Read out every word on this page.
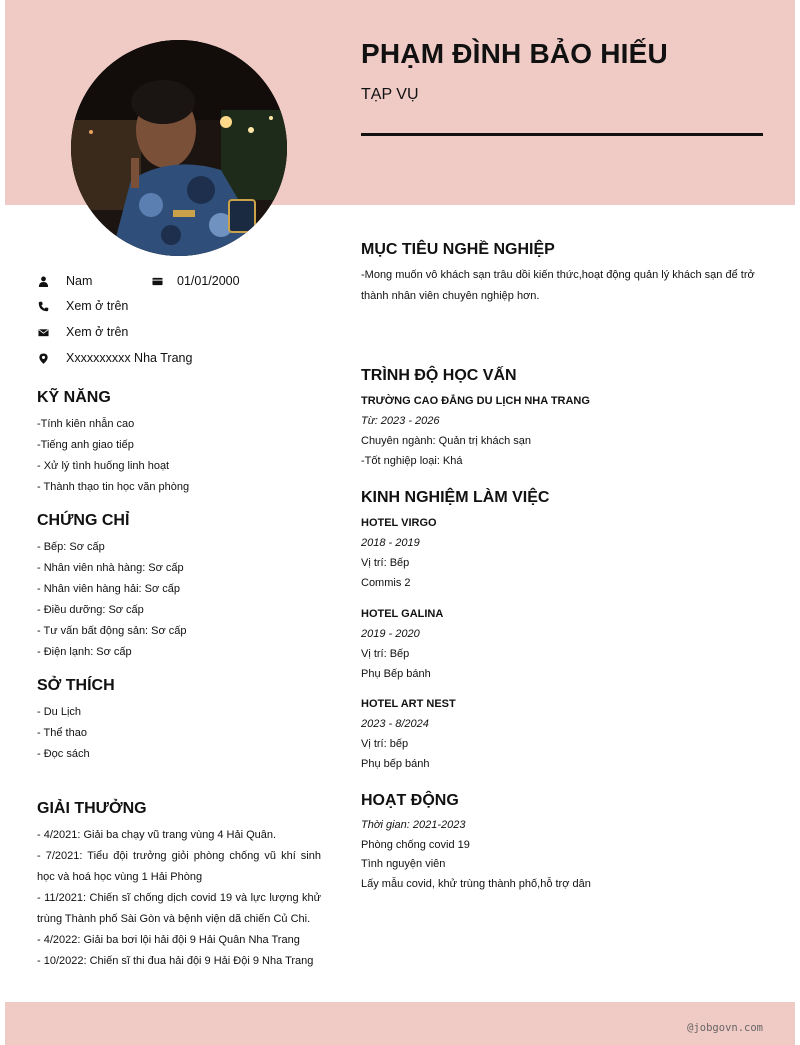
PHẠM ĐÌNH BẢO HIẾU
TẠP VỤ
Nam	01/01/2000
Xem ở trên
Xem ở trên
Xxxxxxxxxx Nha Trang
KỸ NĂNG
-Tính kiên nhẫn cao
-Tiếng anh giao tiếp
- Xử lý tình huống linh hoạt
- Thành thạo tin học văn phòng
CHỨNG CHỈ
- Bếp: Sơ cấp
- Nhân viên nhà hàng: Sơ cấp
- Nhân viên hàng hải: Sơ cấp
- Điều dưỡng: Sơ cấp
- Tư vấn bất động sản: Sơ cấp
- Điện lạnh: Sơ cấp
SỞ THÍCH
- Du Lịch
- Thể thao
- Đọc sách
GIẢI THƯỞNG
- 4/2021: Giải ba chạy vũ trang vùng 4 Hải Quân.
- 7/2021: Tiểu đội trưởng giỏi phòng chống vũ khí sinh học và hoá học vùng 1 Hải Phòng
- 11/2021: Chiến sĩ chống dịch covid 19 và lực lượng khử trùng Thành phố Sài Gòn và bệnh viện dã chiến Củ Chi.
- 4/2022: Giải ba bơi lội hải đội 9 Hải Quân Nha Trang
- 10/2022: Chiến sĩ thi đua hải đội 9 Hải Đội 9 Nha Trang
MỤC TIÊU NGHỀ NGHIỆP
-Mong muốn vô khách sạn trâu dồi kiến thức,hoạt động quản lý khách sạn để trở thành nhân viên chuyên nghiệp hơn.
TRÌNH ĐỘ HỌC VẤN
TRƯỜNG CAO ĐẲNG DU LỊCH NHA TRANG
Từ: 2023 - 2026
Chuyên ngành: Quản trị khách sạn
-Tốt nghiệp loại: Khá
KINH NGHIỆM LÀM VIỆC
HOTEL VIRGO
2018 - 2019
Vị trí: Bếp
Commis 2
HOTEL GALINA
2019 - 2020
Vị trí: Bếp
Phụ Bếp bánh
HOTEL ART NEST
2023 - 8/2024
Vị trí: bếp
Phụ bếp bánh
HOẠT ĐỘNG
Thời gian: 2021-2023
Phòng chống covid 19
Tình nguyện viên
Lấy mẫu covid, khử trùng thành phố,hỗ trợ dân
@jobgovn.com
